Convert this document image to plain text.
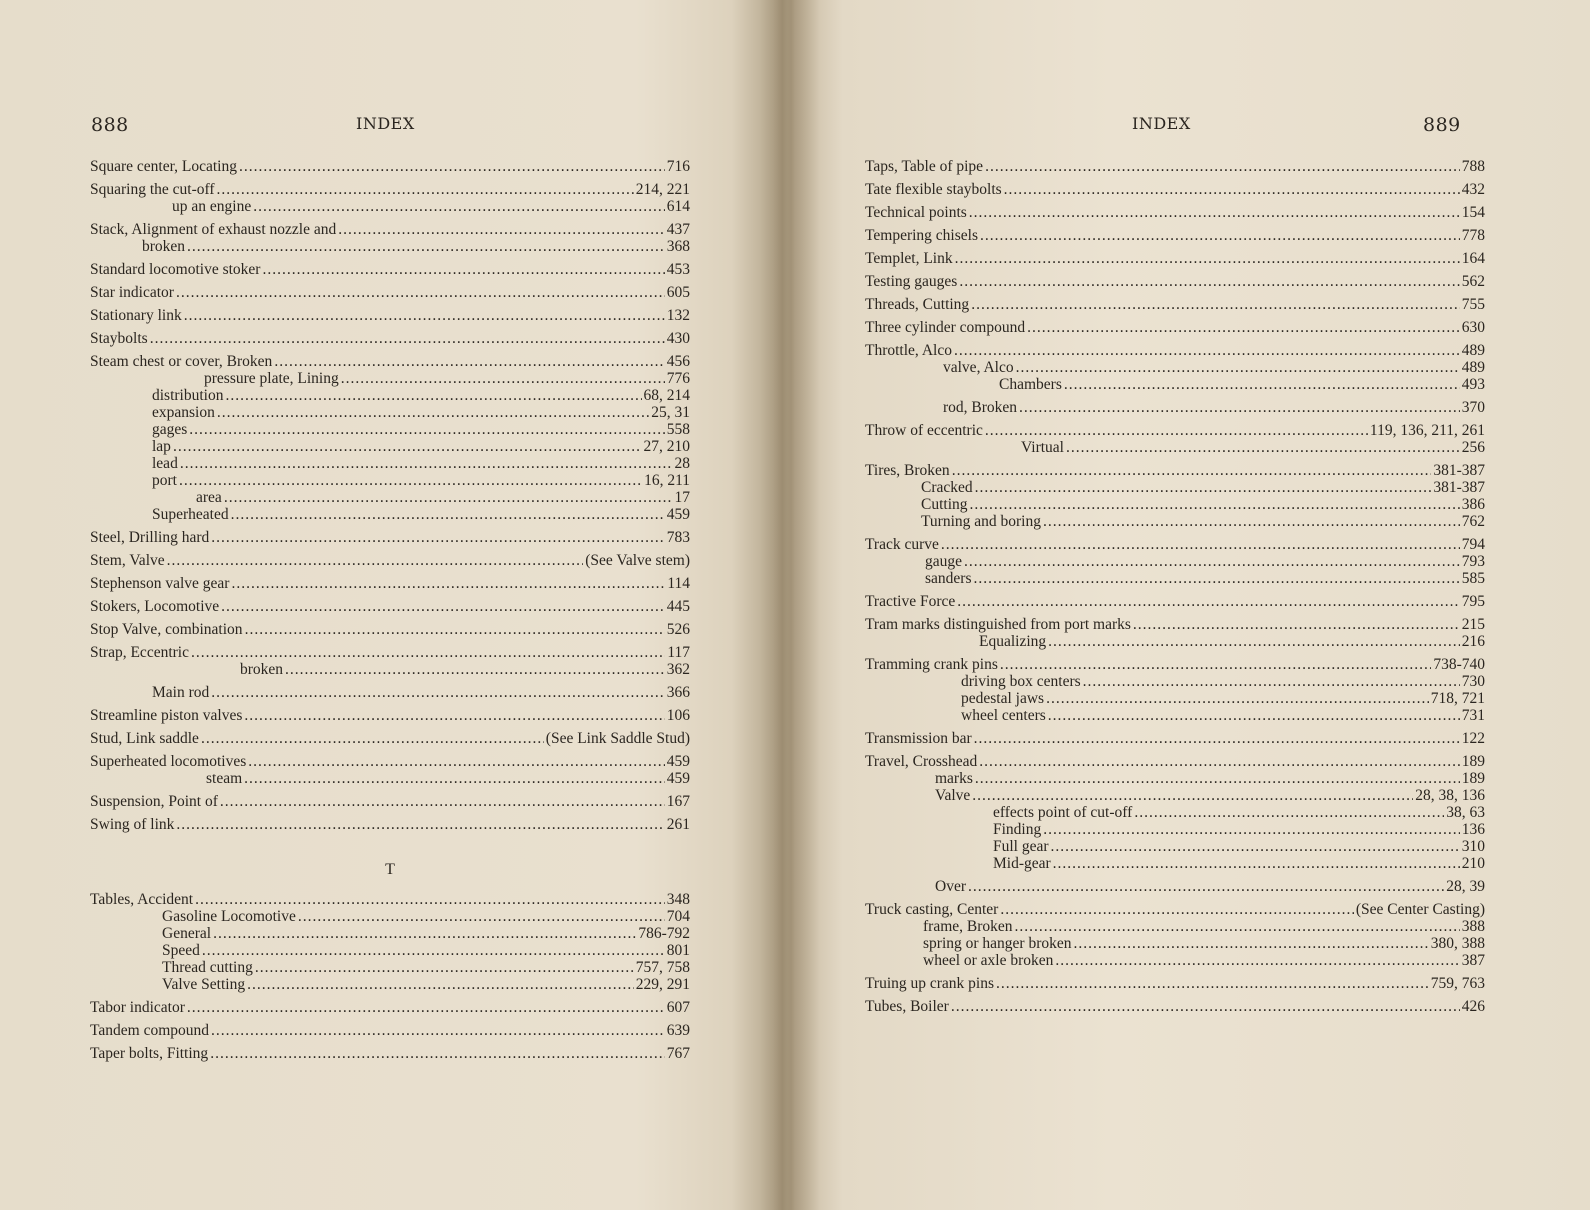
888	INDEX
Square center, Locating .....	716
Squaring the cut-off .....	214, 221
up an engine .....	614
Stack, Alignment of exhaust nozzle and .....	437
broken .....	368
Standard locomotive stoker .....	453
Star indicator .....	605
Stationary link .....	132
Staybolts .....	430
Steam chest or cover, Broken .....	456
pressure plate, Lining .....	776
distribution .....	68, 214
expansion .....	25, 31
gages .....	558
lap .....	27, 210
lead .....	28
port .....	16, 211
area .....	17
Superheated .....	459
Steel, Drilling hard .....	783
Stem, Valve .....	(See Valve stem)
Stephenson valve gear .....	114
Stokers, Locomotive .....	445
Stop Valve, combination .....	526
Strap, Eccentric .....	117
broken .....	362
Main rod .....	366
Streamline piston valves .....	106
Stud, Link saddle .....	(See Link Saddle Stud)
Superheated locomotives .....	459
steam .....	459
Suspension, Point of .....	167
Swing of link .....	261
T
Tables, Accident .....	348
Gasoline Locomotive .....	704
General .....	786-792
Speed .....	801
Thread cutting .....	757, 758
Valve Setting .....	229, 291
Tabor indicator .....	607
Tandem compound .....	639
Taper bolts, Fitting .....	767
INDEX	889
Taps, Table of pipe .....	788
Tate flexible staybolts .....	432
Technical points .....	154
Tempering chisels .....	778
Templet, Link .....	164
Testing gauges .....	562
Threads, Cutting .....	755
Three cylinder compound .....	630
Throttle, Alco .....	489
valve, Alco .....	489
Chambers .....	493
rod, Broken .....	370
Throw of eccentric .....	119, 136, 211, 261
Virtual .....	256
Tires, Broken .....	381-387
Cracked .....	381-387
Cutting .....	386
Turning and boring .....	762
Track curve .....	794
gauge .....	793
sanders .....	585
Tractive Force .....	795
Tram marks distinguished from port marks .....	215
Equalizing .....	216
Tramming crank pins .....	738-740
driving box centers .....	730
pedestal jaws .....	718, 721
wheel centers .....	731
Transmission bar .....	122
Travel, Crosshead .....	189
marks .....	189
Valve .....	28, 38, 136
effects point of cut-off .....	38, 63
Finding .....	136
Full gear .....	310
Mid-gear .....	210
Over .....	28, 39
Truck casting, Center .....	(See Center Casting)
frame, Broken .....	388
spring or hanger broken .....	380, 388
wheel or axle broken .....	387
Truing up crank pins .....	759, 763
Tubes, Boiler .....	426
